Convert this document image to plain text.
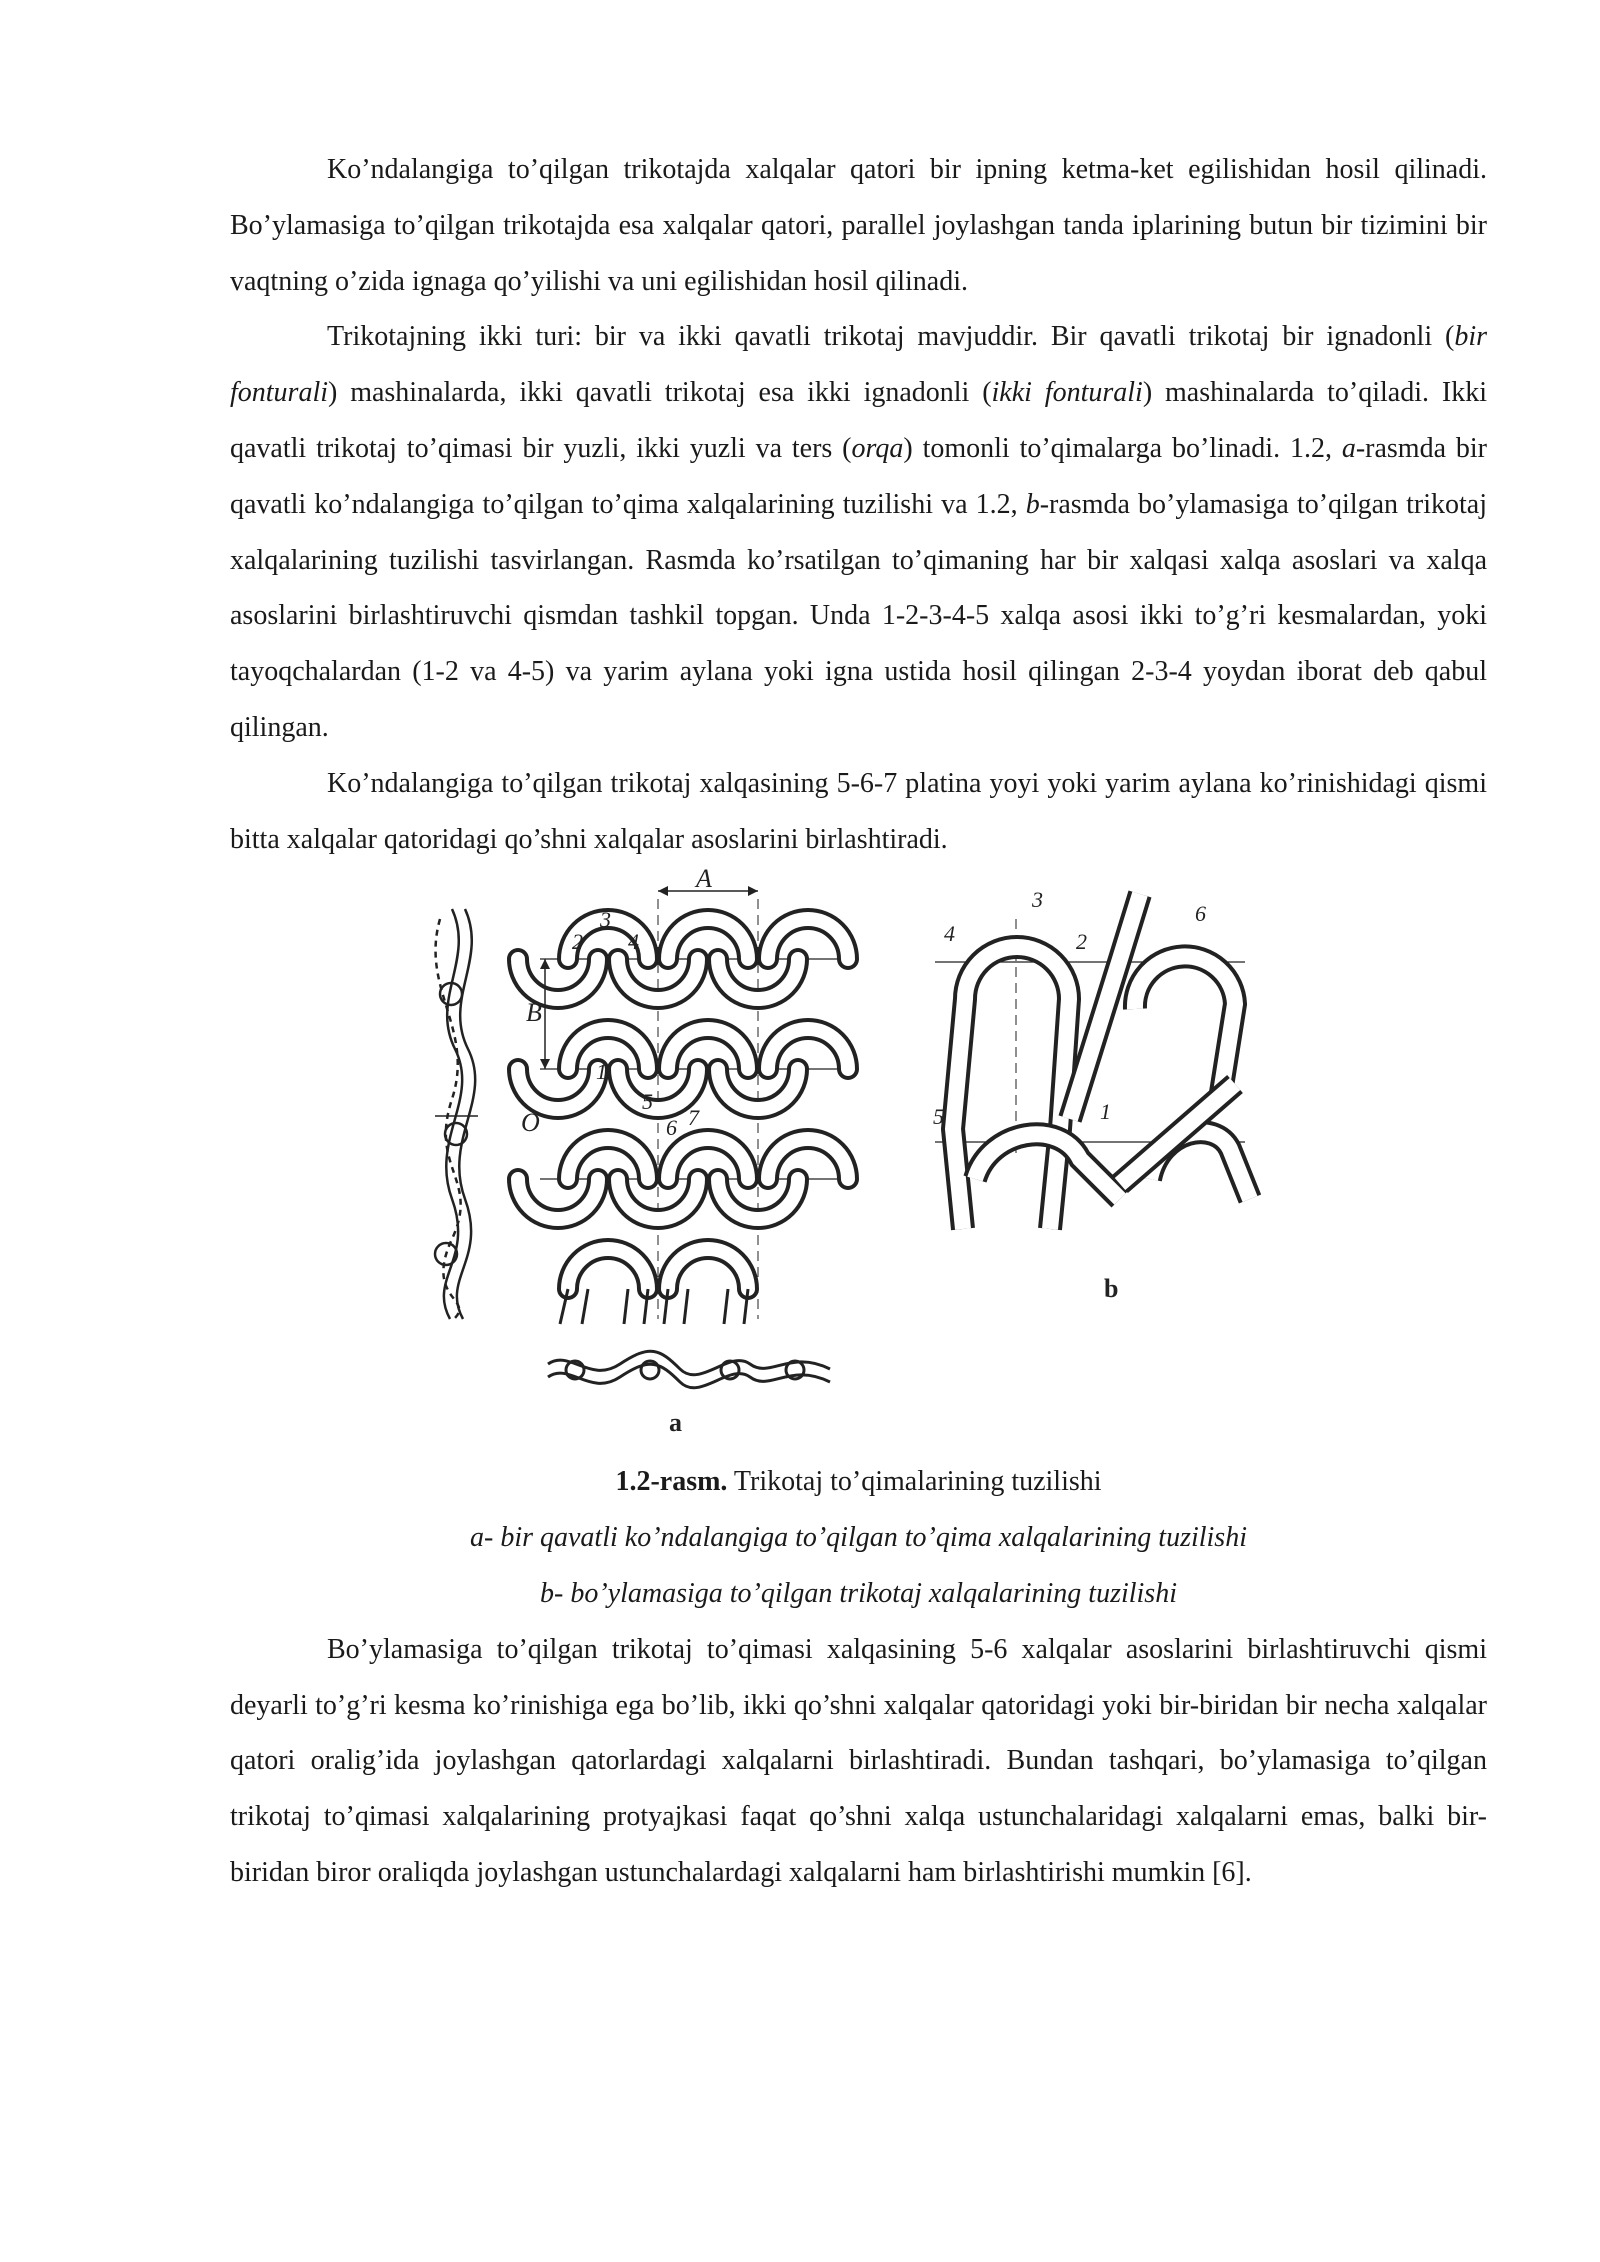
Ko’ndalangiga to’qilgan trikotajda xalqalar qatori bir ipning ketma-ket egilishidan hosil qilinadi. Bo’ylamasiga to’qilgan trikotajda esa xalqalar qatori, parallel joylashgan tanda iplarining butun bir tizimini bir vaqtning o’zida ignaga qo’yilishi va uni egilishidan hosil qilinadi.

Trikotajning ikki turi: bir va ikki qavatli trikotaj mavjuddir. Bir qavatli trikotaj bir ignadonli (bir fonturali) mashinalarda, ikki qavatli trikotaj esa ikki ignadonli (ikki fonturali) mashinalarda to’qiladi. Ikki qavatli trikotaj to’qimasi bir yuzli, ikki yuzli va ters (orqa) tomonli to’qimalarga bo’linadi. 1.2, a-rasmda bir qavatli ko’ndalangiga to’qilgan to’qima xalqalarining tuzilishi va 1.2, b-rasmda bo’ylamasiga to’qilgan trikotaj xalqalarining tuzilishi tasvirlangan. Rasmda ko’rsatilgan to’qimaning har bir xalqasi xalqa asoslari va xalqa asoslarini birlashtiruvchi qismdan tashkil topgan. Unda 1-2-3-4-5 xalqa asosi ikki to’g’ri kesmalardan, yoki tayoqchalardan (1-2 va 4-5) va yarim aylana yoki igna ustida hosil qilingan 2-3-4 yoydan iborat deb qabul qilingan.

Ko’ndalangiga to’qilgan trikotaj xalqasining 5-6-7 platina yoyi yoki yarim aylana ko’rinishidagi qismi bitta xalqalar qatoridagi qo’shni xalqalar asoslarini birlashtiradi.

A
B
O
2
3
4
1
5
6 7
a
4
3
2
6
5	1
b

1.2-rasm. Trikotaj to’qimalarining tuzilishi

a- bir qavatli ko’ndalangiga to’qilgan to’qima xalqalarining tuzilishi

b- bo’ylamasiga to’qilgan trikotaj xalqalarining tuzilishi

Bo’ylamasiga to’qilgan trikotaj to’qimasi xalqasining 5-6 xalqalar asoslarini birlashtiruvchi qismi deyarli to’g’ri kesma ko’rinishiga ega bo’lib, ikki qo’shni xalqalar qatoridagi yoki bir-biridan bir necha xalqalar qatori oralig’ida joylashgan qatorlardagi xalqalarni birlashtiradi. Bundan tashqari, bo’ylamasiga to’qilgan trikotaj to’qimasi xalqalarining protyajkasi faqat qo’shni xalqa ustunchalaridagi xalqalarni emas, balki bir-biridan biror oraliqda joylashgan ustunchalardagi xalqalarni ham birlashtirishi mumkin [6].
